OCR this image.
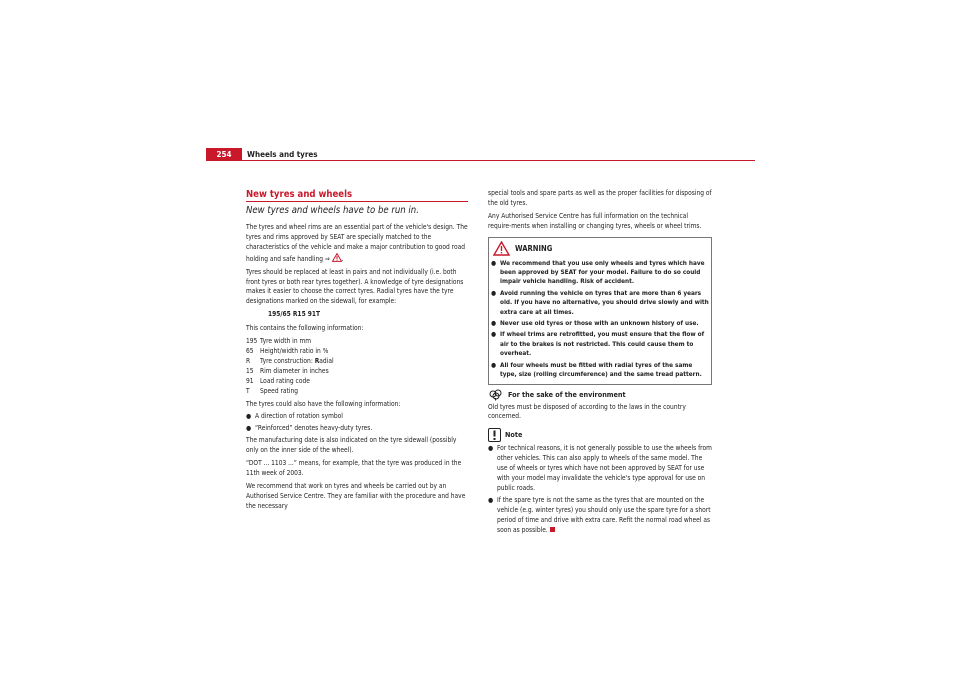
254	Wheels and tyres
New tyres and wheels
New tyres and wheels have to be run in.

The tyres and wheel rims are an essential part of the vehicle's design. The tyres and rims approved by SEAT are specially matched to the characteristics of the vehicle and make a major contribution to good road holding and safe handling ⇒ .

Tyres should be replaced at least in pairs and not individually (i.e. both front tyres or both rear tyres together). A knowledge of tyre designations makes it easier to choose the correct tyres. Radial tyres have the tyre designations marked on the sidewall, for example:

195/65 R15 91T

This contains the following information:

195 Tyre width in mm
65 Height/width ratio in %
R	Tyre construction: Radial
15 Rim diameter in inches
91 Load rating code
T	Speed rating

The tyres could also have the following information:

● A direction of rotation symbol
● “Reinforced” denotes heavy-duty tyres.

The manufacturing date is also indicated on the tyre sidewall (possibly only on the inner side of the wheel).

“DOT ... 1103 ...” means, for example, that the tyre was produced in the 11th week of 2003.

We recommend that work on tyres and wheels be carried out by an Authorised Service Centre. They are familiar with the procedure and have the necessary

special tools and spare parts as well as the proper facilities for disposing of the old tyres.

Any Authorised Service Centre has full information on the technical require-ments when installing or changing tyres, wheels or wheel trims.

WARNING
● We recommend that you use only wheels and tyres which have been approved by SEAT for your model. Failure to do so could impair vehicle handling. Risk of accident.
● Avoid running the vehicle on tyres that are more than 6 years old. If you have no alternative, you should drive slowly and with extra care at all times.
● Never use old tyres or those with an unknown history of use.
● If wheel trims are retrofitted, you must ensure that the flow of air to the brakes is not restricted. This could cause them to overheat.
● All four wheels must be fitted with radial tyres of the same type, size (rolling circumference) and the same tread pattern.
For the sake of the environment

Old tyres must be disposed of according to the laws in the country concerned.

Note
● For technical reasons, it is not generally possible to use the wheels from other vehicles. This can also apply to wheels of the same model. The use of wheels or tyres which have not been approved by SEAT for use with your model may invalidate the vehicle's type approval for use on public roads.
● If the spare tyre is not the same as the tyres that are mounted on the vehicle (e.g. winter tyres) you should only use the spare tyre for a short period of time and drive with extra care. Refit the normal road wheel as soon as possible.
